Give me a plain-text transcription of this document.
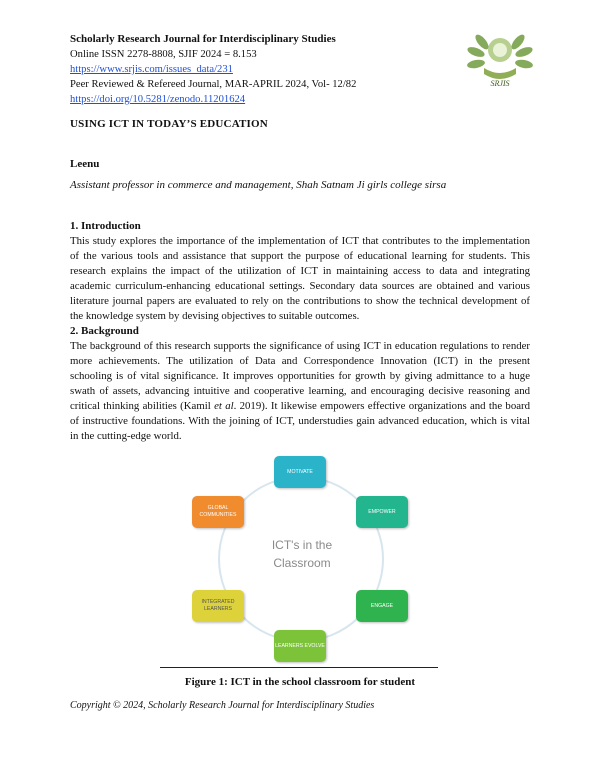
Scholarly Research Journal for Interdisciplinary Studies
Online ISSN 2278-8808, SJIF 2024 = 8.153
https://www.srjis.com/issues_data/231
Peer Reviewed & Refereed Journal, MAR-APRIL 2024, Vol- 12/82
https://doi.org/10.5281/zenodo.11201624
SRJIS
USING ICT IN TODAY’S EDUCATION
Leenu
Assistant professor in commerce and management, Shah Satnam Ji girls college sirsa
1. Introduction
This study explores the importance of the implementation of ICT that contributes to the implementation of the various tools and assistance that support the purpose of educational learning for students. This research explains the impact of the utilization of ICT in maintaining access to data and integrating academic curriculum-enhancing educational settings. Secondary data sources are obtained and various literature journal papers are evaluated to rely on the contributions to show the technical development of the knowledge system by devising objectives to suitable outcomes.
2. Background
The background of this research supports the significance of using ICT in education regulations to render more achievements. The utilization of Data and Correspondence Innovation (ICT) in the present schooling is of vital significance. It improves opportunities for growth by giving admittance to a huge swath of assets, advancing intuitive and cooperative learning, and encouraging decisive reasoning and critical thinking abilities (Kamil et al. 2019). It likewise empowers effective organizations and the board of instructive foundations. With the joining of ICT, understudies gain advanced education, which is vital in the cutting-edge world.
ICT's in the Classroom
MOTIVATE
EMPOWER
ENGAGE
LEARNERS EVOLVE
INTEGRATED LEARNERS
GLOBAL COMMUNITIES
Figure 1: ICT in the school classroom for student
Copyright © 2024, Scholarly Research Journal for Interdisciplinary Studies
